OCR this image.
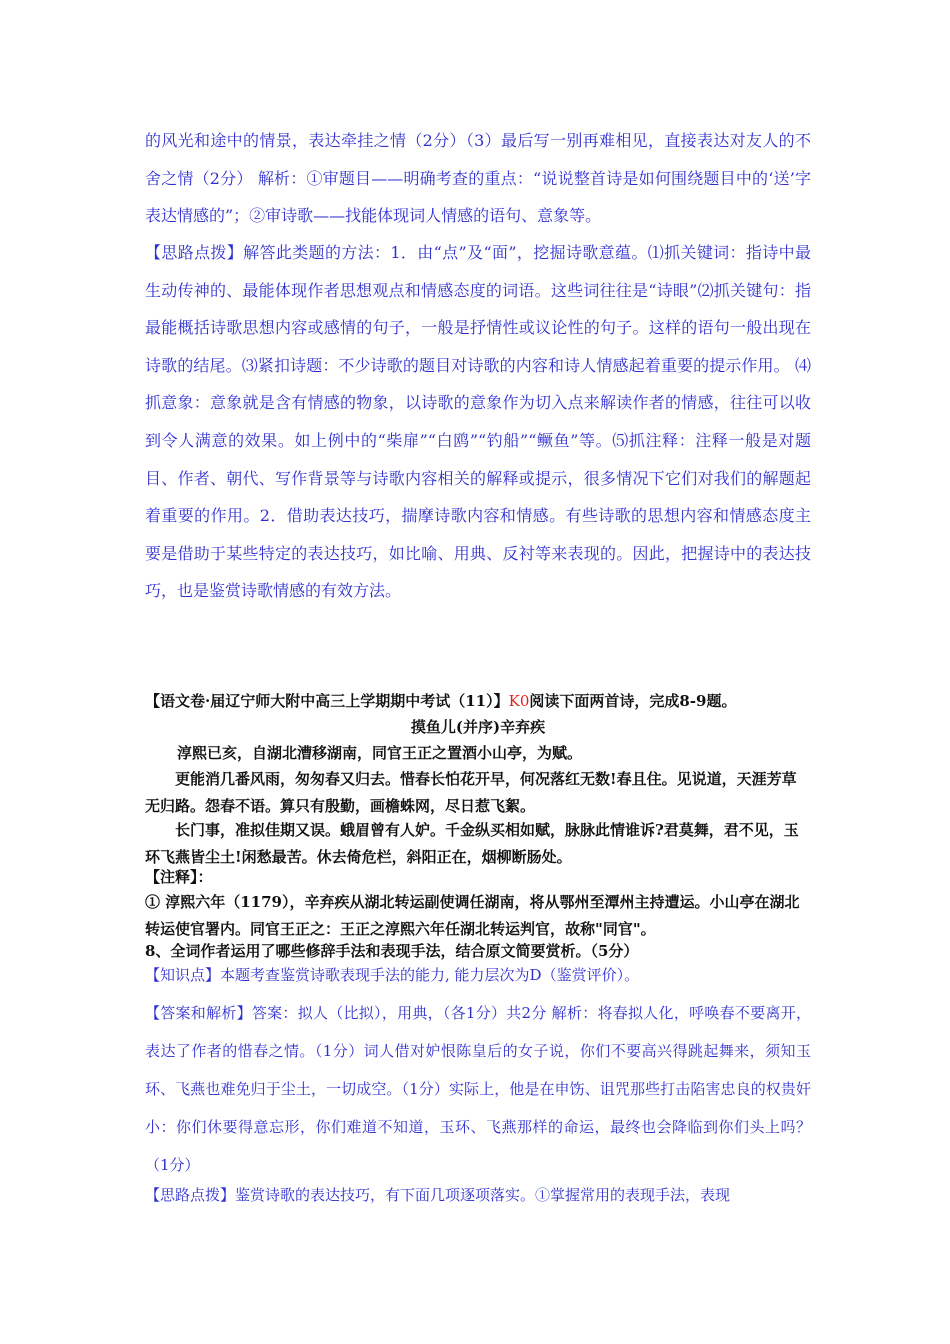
的风光和途中的情景，表达牵挂之情（2分）（3）最后写一别再难相见，直接表达对友人的不舍之情（2分） 解析：①审题目——明确考查的重点：“说说整首诗是如何围绕题目中的‘送’字表达情感的”；②审诗歌——找能体现词人情感的语句、意象等。

【思路点拨】解答此类题的方法：1．由“点”及“面”，挖掘诗歌意蕴。⑴抓关键词：指诗中最生动传神的、最能体现作者思想观点和情感态度的词语。这些词往往是“诗眼”⑵抓关键句：指最能概括诗歌思想内容或感情的句子，一般是抒情性或议论性的句子。这样的语句一般出现在诗歌的结尾。⑶紧扣诗题：不少诗歌的题目对诗歌的内容和诗人情感起着重要的提示作用。 ⑷抓意象：意象就是含有情感的物象，以诗歌的意象作为切入点来解读作者的情感，往往可以收到令人满意的效果。如上例中的“柴扉”“白鸥”“钓船”“鳜鱼”等。⑸抓注释：注释一般是对题目、作者、朝代、写作背景等与诗歌内容相关的解释或提示，很多情况下它们对我们的解题起着重要的作用。2．借助表达技巧，揣摩诗歌内容和情感。有些诗歌的思想内容和情感态度主要是借助于某些特定的表达技巧，如比喻、用典、反衬等来表现的。因此，把握诗中的表达技巧，也是鉴赏诗歌情感的有效方法。

【语文卷·届辽宁师大附中高三上学期期中考试（11）】K0阅读下面两首诗，完成8-9题。

摸鱼儿(并序)辛弃疾

淳熙已亥，自湖北漕移湖南，同官王正之置酒小山亭，为赋。

更能消几番风雨，匆匆春又归去。惜春长怕花开早，何况落红无数!春且住。见说道，天涯芳草无归路。怨春不语。算只有殷勤，画檐蛛网，尽日惹飞絮。

长门事，准拟佳期又误。蛾眉曾有人妒。千金纵买相如赋，脉脉此情谁诉?君莫舞，君不见，玉环飞燕皆尘土!闲愁最苦。休去倚危栏，斜阳正在，烟柳断肠处。

【注释】：

① 淳熙六年（1179），辛弃疾从湖北转运副使调任湖南，将从鄂州至潭州主持遭运。小山亭在湖北转运使官署内。同官王正之：王正之淳熙六年任湖北转运判官，故称"同官"。

8、全词作者运用了哪些修辞手法和表现手法，结合原文简要赏析。（5分）

【知识点】本题考查鉴赏诗歌表现手法的能力, 能力层次为D（鉴赏评价）。

【答案和解析】答案：拟人（比拟），用典，（各1分）共2分 解析：将春拟人化，呼唤春不要离开，表达了作者的惜春之情。（1分）词人借对妒恨陈皇后的女子说，你们不要高兴得跳起舞来，须知玉环、飞燕也难免归于尘土，一切成空。（1分）实际上，他是在申饬、诅咒那些打击陷害忠良的权贵奸小：你们休要得意忘形，你们难道不知道，玉环、飞燕那样的命运，最终也会降临到你们头上吗？（1分）

【思路点拨】鉴赏诗歌的表达技巧，有下面几项逐项落实。①掌握常用的表现手法，表现
